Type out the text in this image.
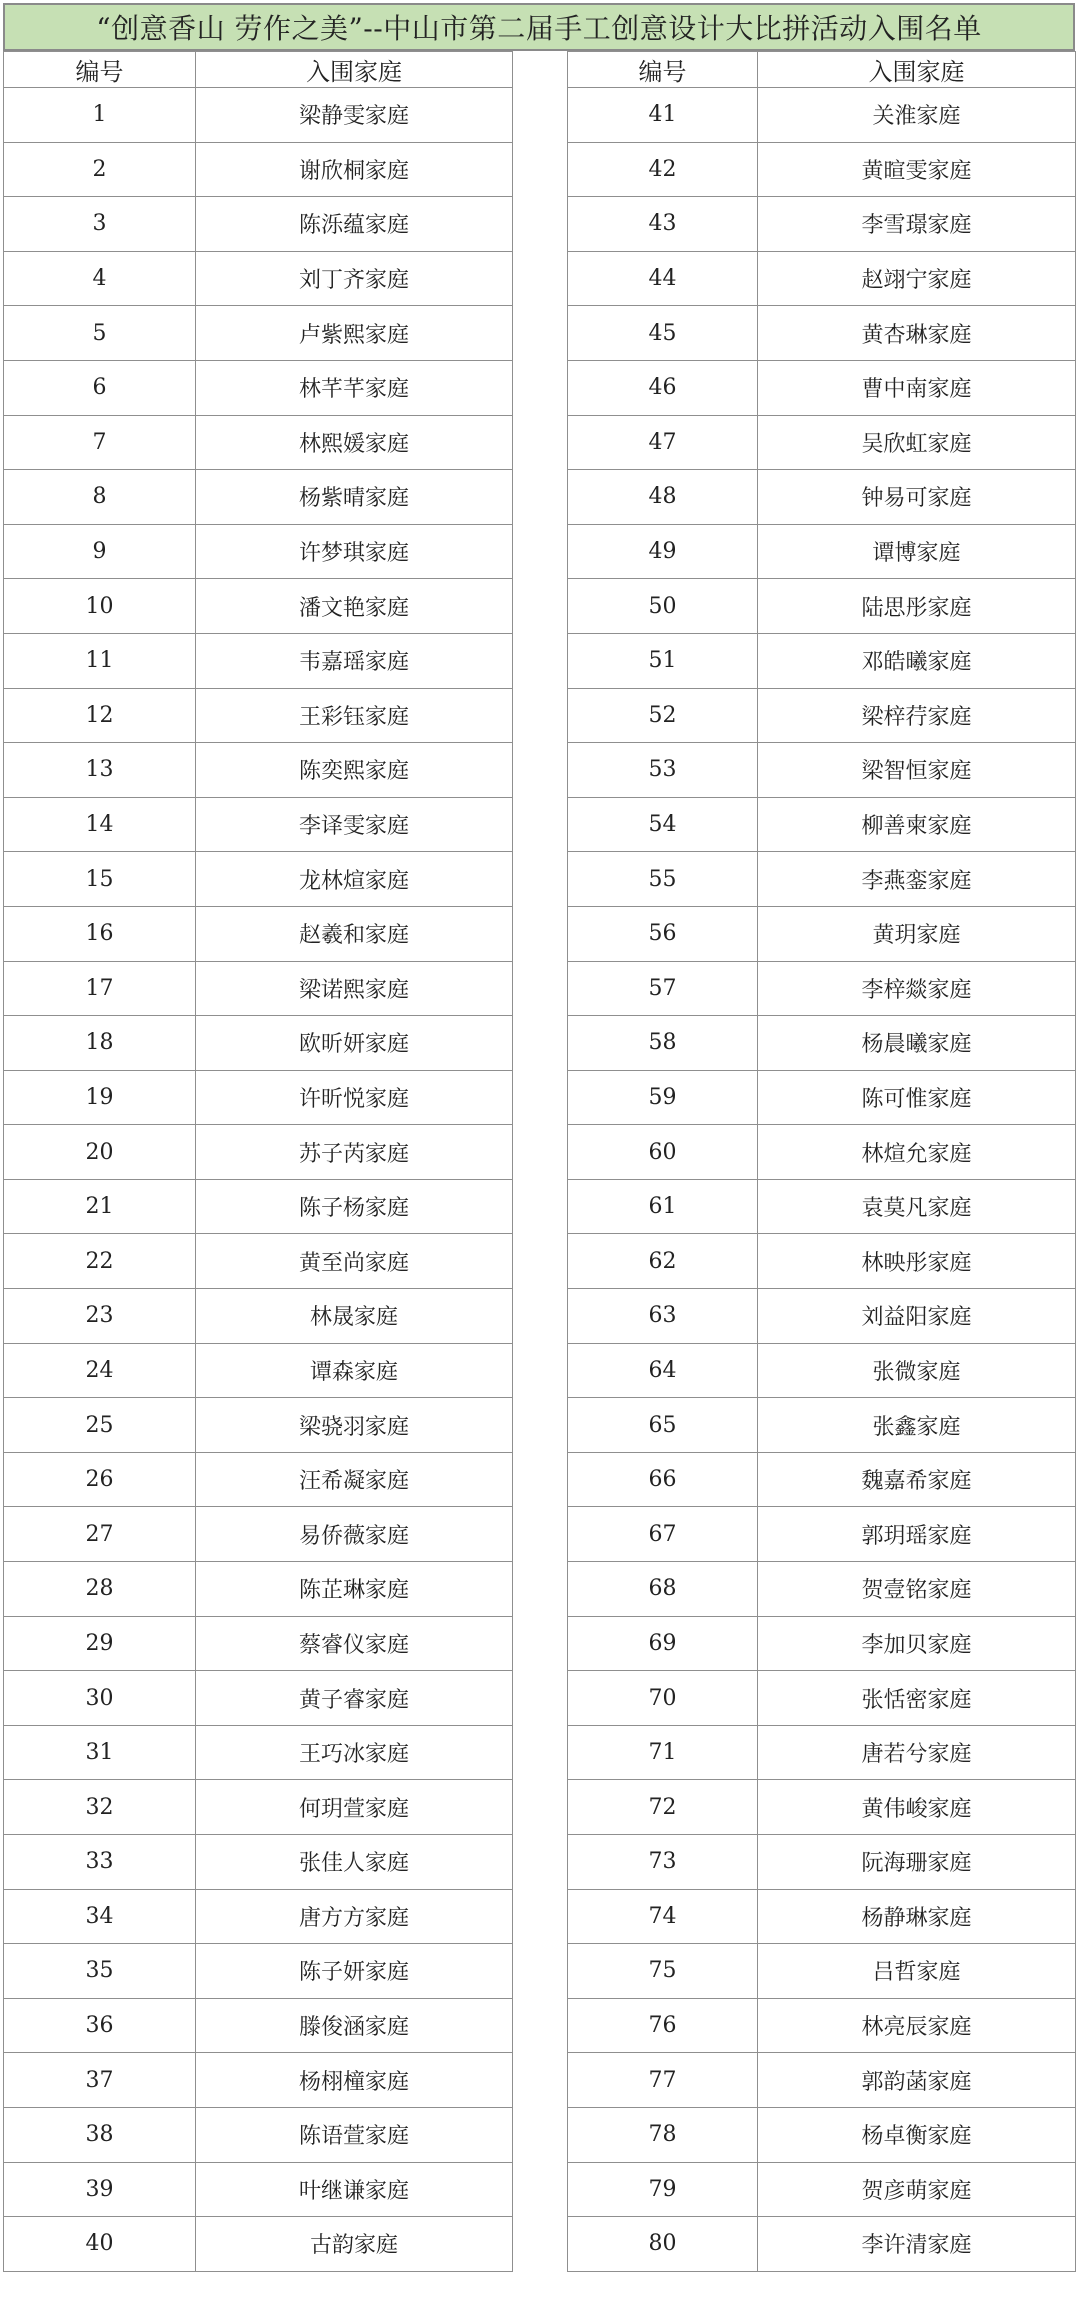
“创意香山 劳作之美”--中山市第二届手工创意设计大比拼活动入围名单
编号	入围家庭
1	梁静雯家庭
2	谢欣桐家庭
3	陈泺蕴家庭
4	刘丁齐家庭
5	卢紫熙家庭
6	林芊芊家庭
7	林熙媛家庭
8	杨紫晴家庭
9	许梦琪家庭
10	潘文艳家庭
11	韦嘉瑶家庭
12	王彩钰家庭
13	陈奕熙家庭
14	李译雯家庭
15	龙林煊家庭
16	赵羲和家庭
17	梁诺熙家庭
18	欧昕妍家庭
19	许昕悦家庭
20	苏子芮家庭
21	陈子杨家庭
22	黄至尚家庭
23	林晟家庭
24	谭森家庭
25	梁骁羽家庭
26	汪希凝家庭
27	易侨薇家庭
28	陈芷琳家庭
29	蔡睿仪家庭
30	黄子睿家庭
31	王巧冰家庭
32	何玥萱家庭
33	张佳人家庭
34	唐方方家庭
35	陈子妍家庭
36	滕俊涵家庭
37	杨栩橦家庭
38	陈语萱家庭
39	叶继谦家庭
40	古韵家庭
编号	入围家庭
41	关淮家庭
42	黄暄雯家庭
43	李雪璟家庭
44	赵翊宁家庭
45	黄杏琳家庭
46	曹中南家庭
47	吴欣虹家庭
48	钟易可家庭
49	谭博家庭
50	陆思彤家庭
51	邓皓曦家庭
52	梁梓荇家庭
53	梁智恒家庭
54	柳善柬家庭
55	李燕銮家庭
56	黄玥家庭
57	李梓燚家庭
58	杨晨曦家庭
59	陈可惟家庭
60	林煊允家庭
61	袁莫凡家庭
62	林映彤家庭
63	刘益阳家庭
64	张微家庭
65	张鑫家庭
66	魏嘉希家庭
67	郭玥瑶家庭
68	贺壹铭家庭
69	李加贝家庭
70	张恬密家庭
71	唐若兮家庭
72	黄伟峻家庭
73	阮海珊家庭
74	杨静琳家庭
75	吕哲家庭
76	林亮辰家庭
77	郭韵菡家庭
78	杨卓衡家庭
79	贺彦萌家庭
80	李许清家庭
